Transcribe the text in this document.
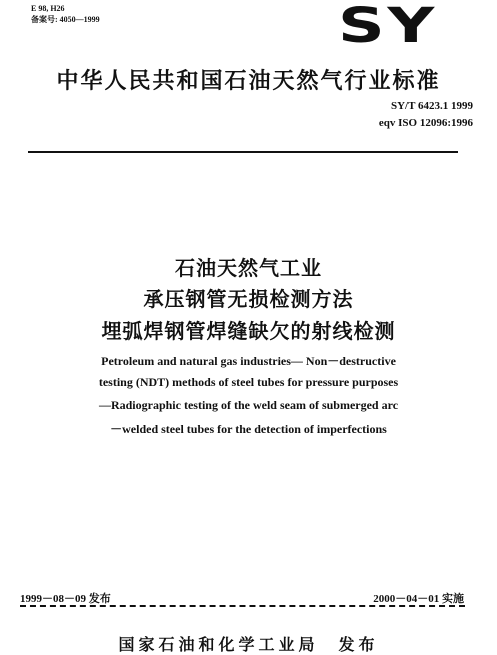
E 98, H26
备案号: 4050—1999	SY
中华人民共和国石油天然气行业标准
SY/T 6423.1 1999
eqv ISO 12096:1996
石油天然气工业
承压钢管无损检测方法
埋弧焊钢管焊缝缺欠的射线检测
Petroleum and natural gas industries— Non－destructive
testing (NDT) methods of steel tubes for pressure purposes
—Radiographic testing of the weld seam of submerged arc
－welded steel tubes for the detection of imperfections
1999－08－09 发布	2000－04－01 实施
国家石油和化学工业局　发布
